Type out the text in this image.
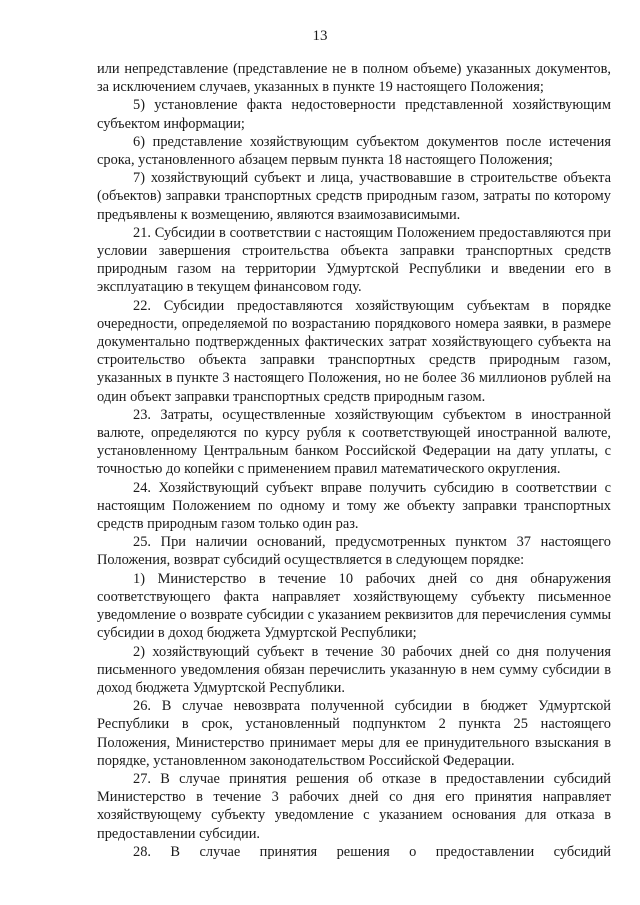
13

или непредставление (представление не в полном объеме) указанных документов, за исключением случаев, указанных в пункте 19 настоящего Положения;

5) установление факта недостоверности представленной хозяйствующим субъектом информации;

6) представление хозяйствующим субъектом документов после истечения срока, установленного абзацем первым пункта 18 настоящего Положения;

7) хозяйствующий субъект и лица, участвовавшие в строительстве объекта (объектов) заправки транспортных средств природным газом, затраты по которому предъявлены к возмещению, являются взаимозависимыми.

21. Субсидии в соответствии с настоящим Положением предоставляются при условии завершения строительства объекта заправки транспортных средств природным газом на территории Удмуртской Республики и введении его в эксплуатацию в текущем финансовом году.

22. Субсидии предоставляются хозяйствующим субъектам в порядке очередности, определяемой по возрастанию порядкового номера заявки, в размере документально подтвержденных фактических затрат хозяйствующего субъекта на строительство объекта заправки транспортных средств природным газом, указанных в пункте 3 настоящего Положения, но не более 36 миллионов рублей на один объект заправки транспортных средств природным газом.

23. Затраты, осуществленные хозяйствующим субъектом в иностранной валюте, определяются по курсу рубля к соответствующей иностранной валюте, установленному Центральным банком Российской Федерации на дату уплаты, с точностью до копейки с применением правил математического округления.

24. Хозяйствующий субъект вправе получить субсидию в соответствии с настоящим Положением по одному и тому же объекту заправки транспортных средств природным газом только один раз.

25. При наличии оснований, предусмотренных пунктом 37 настоящего Положения, возврат субсидий осуществляется в следующем порядке:

1) Министерство в течение 10 рабочих дней со дня обнаружения соответствующего факта направляет хозяйствующему субъекту письменное уведомление о возврате субсидии с указанием реквизитов для перечисления суммы субсидии в доход бюджета Удмуртской Республики;

2) хозяйствующий субъект в течение 30 рабочих дней со дня получения письменного уведомления обязан перечислить указанную в нем сумму субсидии в доход бюджета Удмуртской Республики.

26. В случае невозврата полученной субсидии в бюджет Удмуртской Республики в срок, установленный подпунктом 2 пункта 25 настоящего Положения, Министерство принимает меры для ее принудительного взыскания в порядке, установленном законодательством Российской Федерации.

27. В случае принятия решения об отказе в предоставлении субсидий Министерство в течение 3 рабочих дней со дня его принятия направляет хозяйствующему субъекту уведомление с указанием основания для отказа в предоставлении субсидии.

28. В случае принятия решения о предоставлении субсидий
